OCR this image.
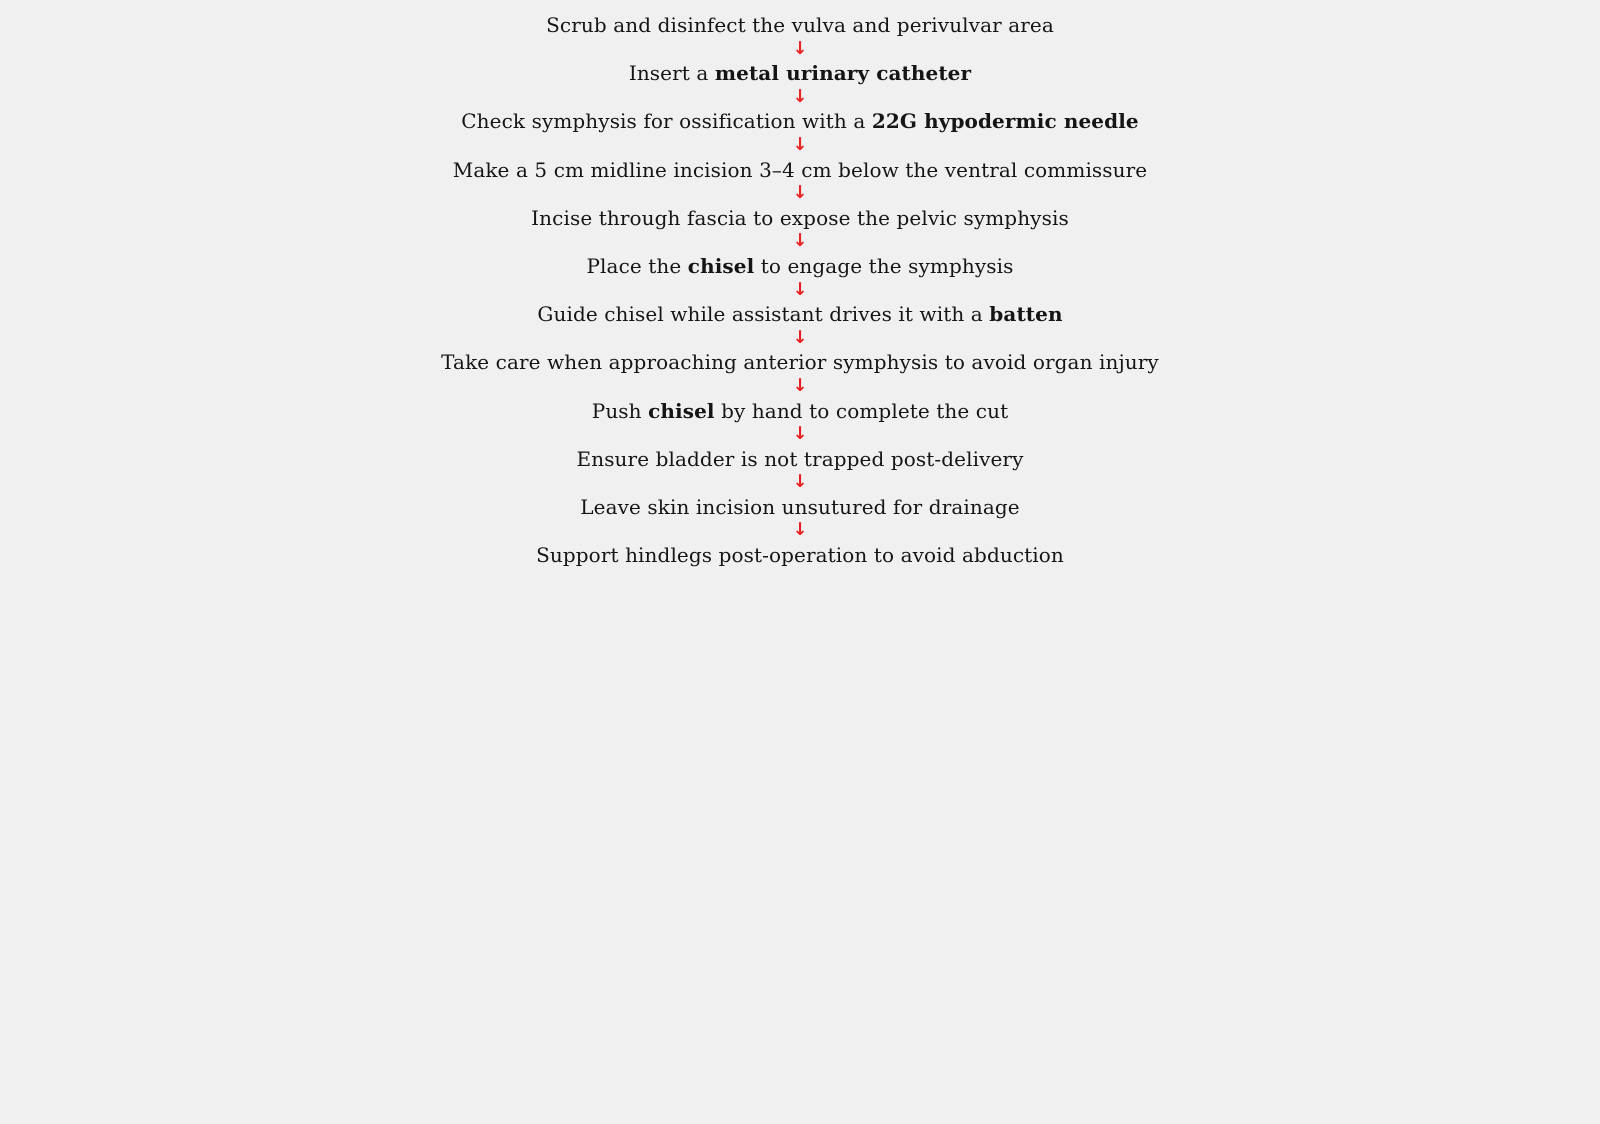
Scrub and disinfect the vulva and perivulvar area
↓
Insert a metal urinary catheter
↓
Check symphysis for ossification with a 22G hypodermic needle
↓
Make a 5 cm midline incision 3–4 cm below the ventral commissure
↓
Incise through fascia to expose the pelvic symphysis
↓
Place the chisel to engage the symphysis
↓
Guide chisel while assistant drives it with a batten
↓
Take care when approaching anterior symphysis to avoid organ injury
↓
Push chisel by hand to complete the cut
↓
Ensure bladder is not trapped post-delivery
↓
Leave skin incision unsutured for drainage
↓
Support hindlegs post-operation to avoid abduction
